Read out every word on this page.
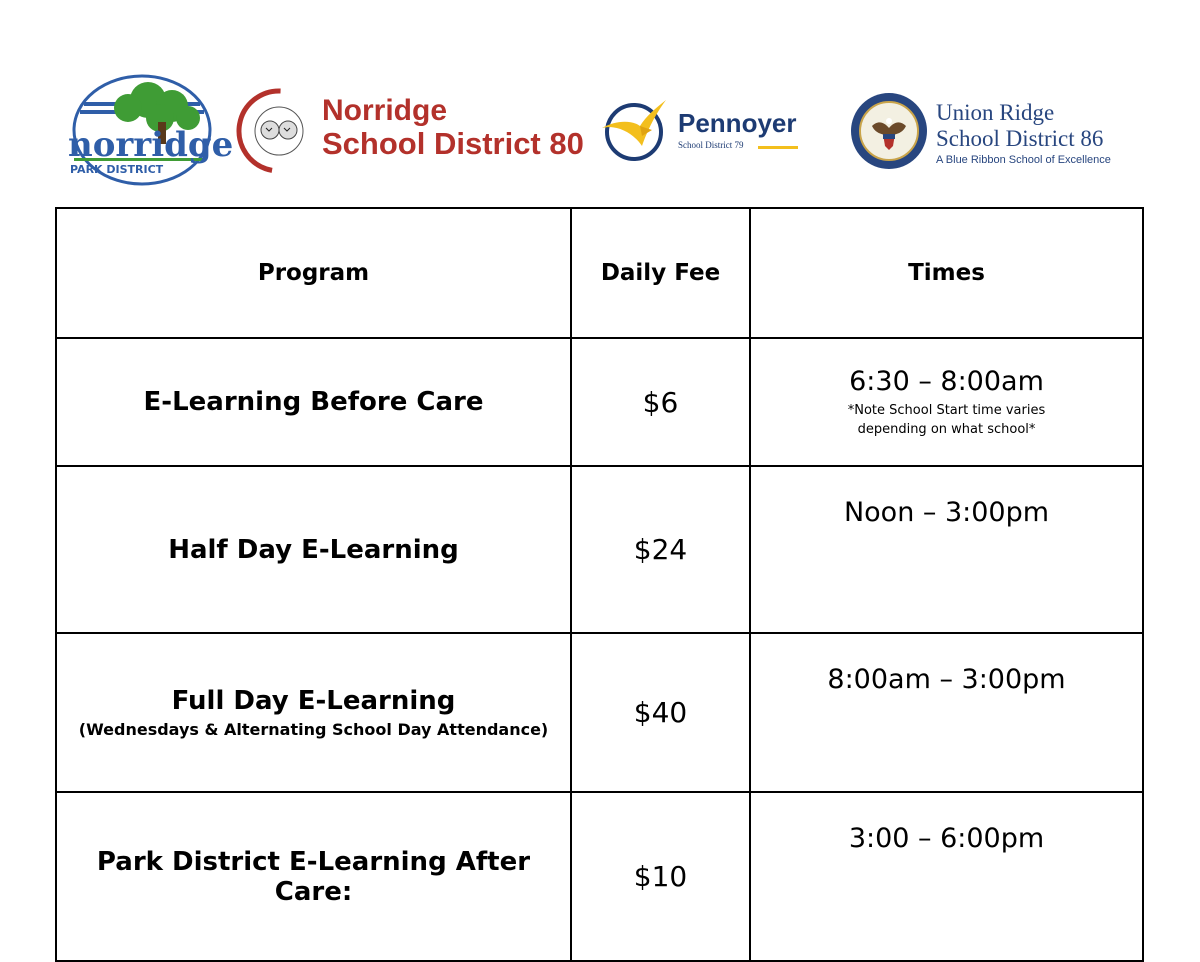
norridge
PARK DISTRICT
Norridge
School District 80
Pennoyer
School District 79
Union Ridge
School District 86
A Blue Ribbon School of Excellence
Program	Daily Fee	Times

E-Learning Before Care	$6	6:30 – 8:00am
*Note School Start time varies
depending on what school*

Half Day E-Learning	$24	Noon – 3:00pm

Full Day E-Learning
(Wednesdays & Alternating School Day Attendance)	$40	8:00am – 3:00pm

Park District E-Learning After Care:	$10	3:00 – 6:00pm
